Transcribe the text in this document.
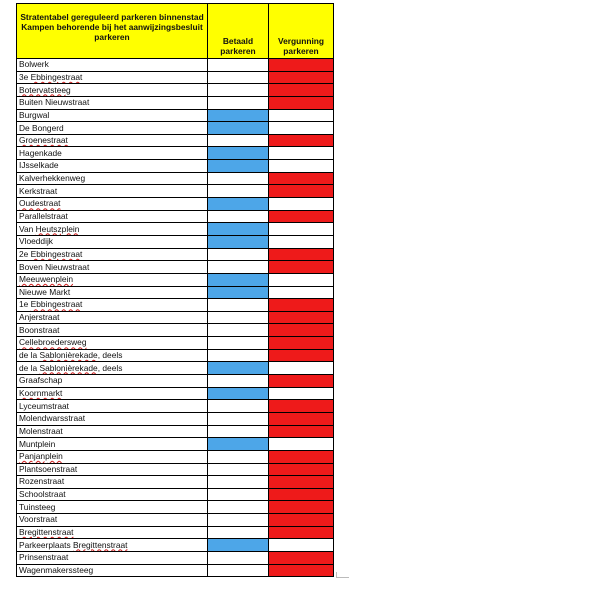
Stratentabel gereguleerd parkeren binnenstad Kampen behorende bij het aanwijzingsbesluit parkeren	Betaald parkeren	Vergunning parkeren
Bolwerk		
3e Ebbingestraat		
Botervatsteeg		
Buiten Nieuwstraat		
Burgwal		
De Bongerd		
Groenestraat		
Hagenkade		
IJsselkade		
Kalverhekkenweg		
Kerkstraat		
Oudestraat		
Parallelstraat		
Van Heutszplein		
Vloeddijk		
2e Ebbingestraat		
Boven Nieuwstraat		
Meeuwenplein		
Nieuwe Markt		
1e Ebbingestraat		
Anjerstraat		
Boonstraat		
Cellebroedersweg		
de la Sablonièrekade, deels		
de la Sablonièrekade, deels		
Graafschap		
Koornmarkt		
Lyceumstraat		
Molendwarsstraat		
Molenstraat		
Muntplein		
Panjanplein		
Plantsoenstraat		
Rozenstraat		
Schoolstraat		
Tuinsteeg		
Voorstraat		
Bregittenstraat		
Parkeerplaats Bregittenstraat		
Prinsenstraat		
Wagenmakerssteeg		
